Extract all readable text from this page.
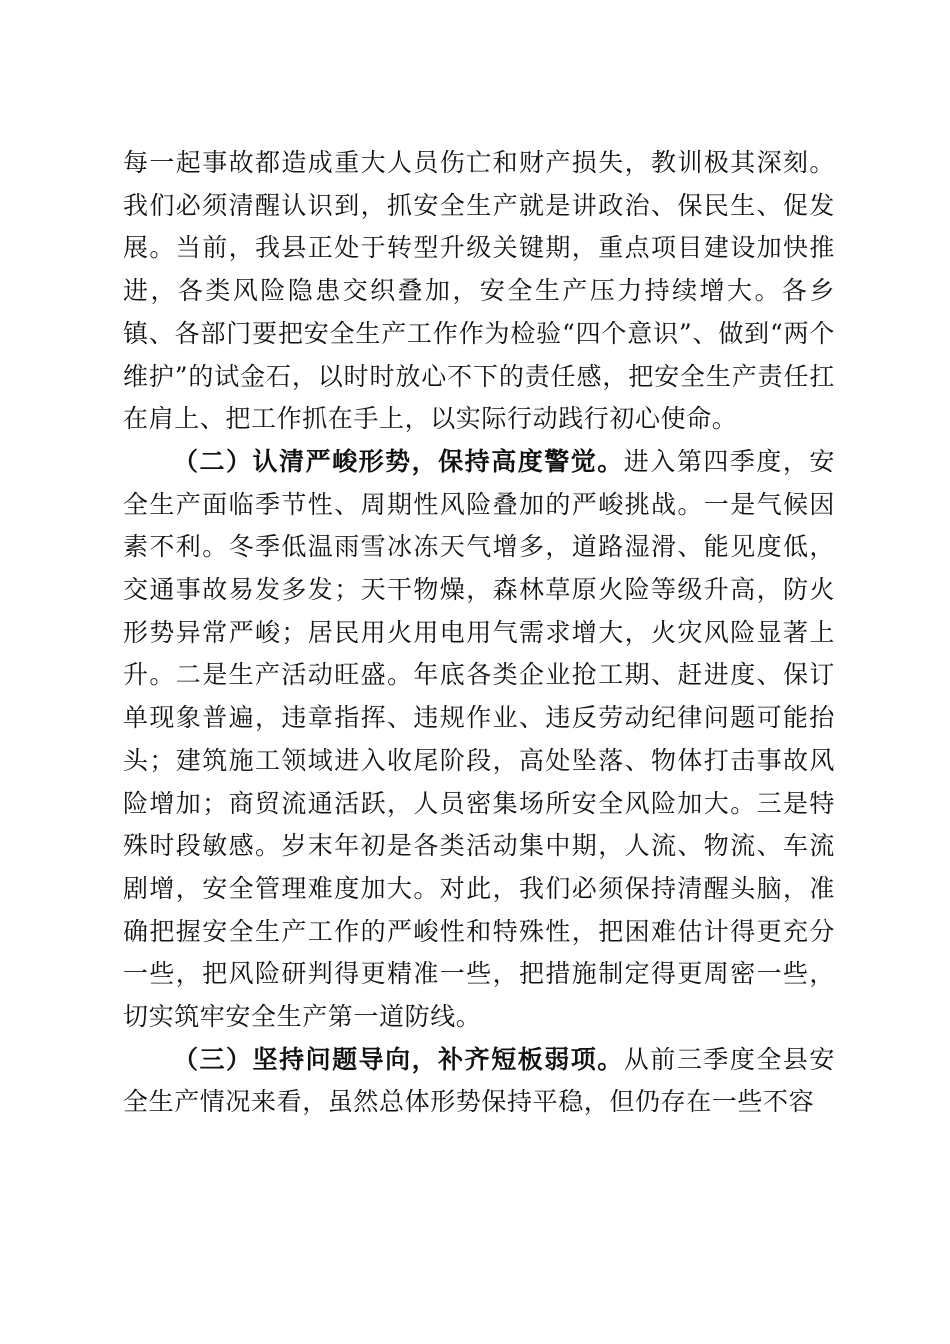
每一起事故都造成重大人员伤亡和财产损失，教训极其深刻。我们必须清醒认识到，抓安全生产就是讲政治、保民生、促发展。当前，我县正处于转型升级关键期，重点项目建设加快推进，各类风险隐患交织叠加，安全生产压力持续增大。各乡镇、各部门要把安全生产工作作为检验“四个意识”、做到“两个维护”的试金石，以时时放心不下的责任感，把安全生产责任扛在肩上、把工作抓在手上，以实际行动践行初心使命。

（二）认清严峻形势，保持高度警觉。进入第四季度，安全生产面临季节性、周期性风险叠加的严峻挑战。一是气候因素不利。冬季低温雨雪冰冻天气增多，道路湿滑、能见度低，交通事故易发多发；天干物燥，森林草原火险等级升高，防火形势异常严峻；居民用火用电用气需求增大，火灾风险显著上升。二是生产活动旺盛。年底各类企业抢工期、赶进度、保订单现象普遍，违章指挥、违规作业、违反劳动纪律问题可能抬头；建筑施工领域进入收尾阶段，高处坠落、物体打击事故风险增加；商贸流通活跃，人员密集场所安全风险加大。三是特殊时段敏感。岁末年初是各类活动集中期，人流、物流、车流剧增，安全管理难度加大。对此，我们必须保持清醒头脑，准确把握安全生产工作的严峻性和特殊性，把困难估计得更充分一些，把风险研判得更精准一些，把措施制定得更周密一些，切实筑牢安全生产第一道防线。

（三）坚持问题导向，补齐短板弱项。从前三季度全县安全生产情况来看，虽然总体形势保持平稳，但仍存在一些不容
